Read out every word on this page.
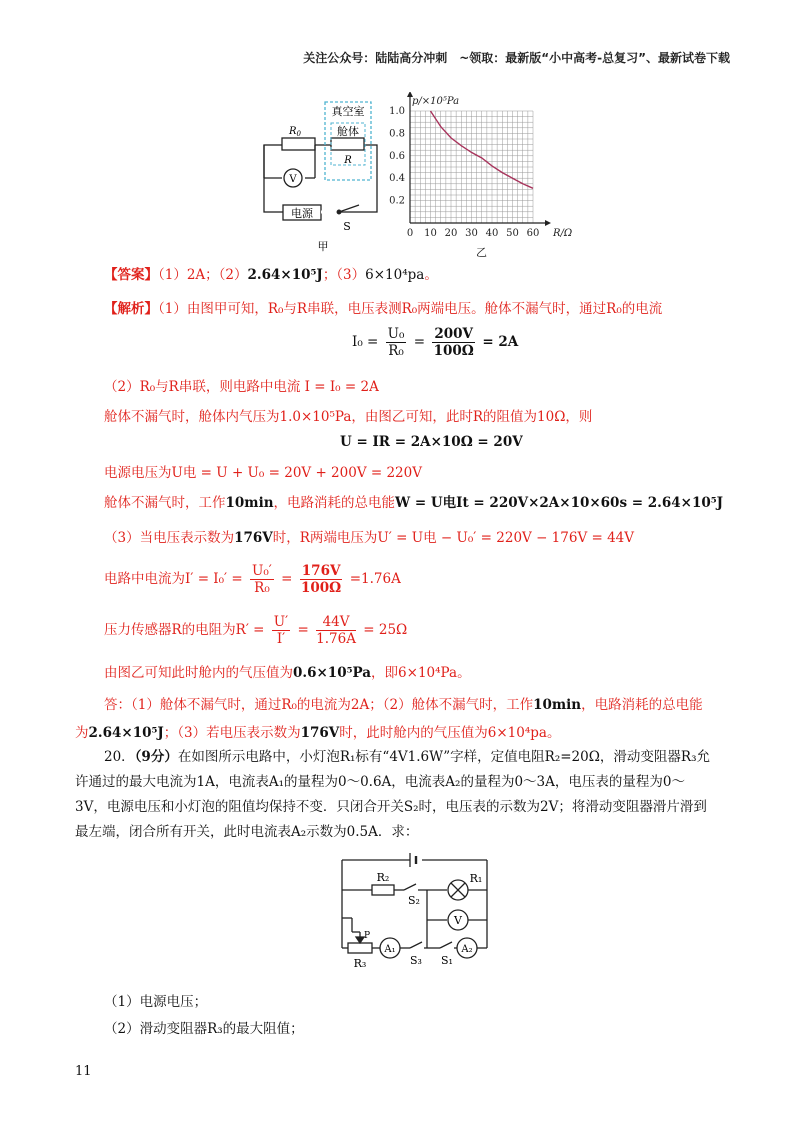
关注公众号：陆陆高分冲刺　~领取：最新版“小中高考-总复习”、最新试卷下载
真空室
舱体
R
$R_0$
V
电源
S
甲
0.2
0.4
0.6
0.8
1.0
0 10 20 30 40 50 60
p/×10⁵Pa
R/Ω
乙
【答案】（1）2A；（2）2.64×10⁵J；（3）6×10⁴pa。
【解析】（1）由图甲可知，R₀与R串联，电压表测R₀两端电压。舱体不漏气时，通过R₀的电流
$I_0 = \frac{\text{U₀}}{\text{R₀}} = \frac{200V}{100\Omega} = 2A$
（2）R₀与R串联，则电路中电流 I = I₀ = 2A
舱体不漏气时，舱体内气压为1.0×10⁵Pa，由图乙可知，此时R的阻值为10Ω，则
U = IR = 2A×10Ω = 20V
电源电压为U电 = U + U₀ = 20V + 200V = 220V
舱体不漏气时，工作10min，电路消耗的总电能W = U电It = 220V×2A×10×60s = 2.64×10⁵J
（3）当电压表示数为176V时，R两端电压为U′ = U电 − U₀′ = 220V − 176V = 44V
电路中电流为$I' = I_0' = \frac{\text{U₀′}}{\text{R₀}} = \frac{176V}{100\Omega} =1.76A$
压力传感器R的电阻为$R' = \frac{U'}{I'} = \frac{44V}{1.76A} = 25\Omega$
由图乙可知此时舱内的气压值为0.6×10⁵Pa，即6×10⁴Pa。
答：（1）舱体不漏气时，通过R₀的电流为2A；（2）舱体不漏气时，工作10min，电路消耗的总电能
为2.64×10⁵J；（3）若电压表示数为176V时，此时舱内的气压值为6×10⁴pa。
20．（9分）在如图所示电路中，小灯泡R₁标有“4V1.6W”字样，定值电阻R₂=20Ω，滑动变阻器R₃允
许通过的最大电流为1A，电流表A₁的量程为0～0.6A，电流表A₂的量程为0～3A，电压表的量程为0～
3V，电源电压和小灯泡的阻值均保持不变．只闭合开关S₂时，电压表的示数为2V；将滑动变阻器滑片滑到
最左端，闭合所有开关，此时电流表A₂示数为0.5A．求：
R₂	R₁
S₂
V
P
A₁	A₂
R₃	S₃ S₁
（1）电源电压；
（2）滑动变阻器R₃的最大阻值；
11
